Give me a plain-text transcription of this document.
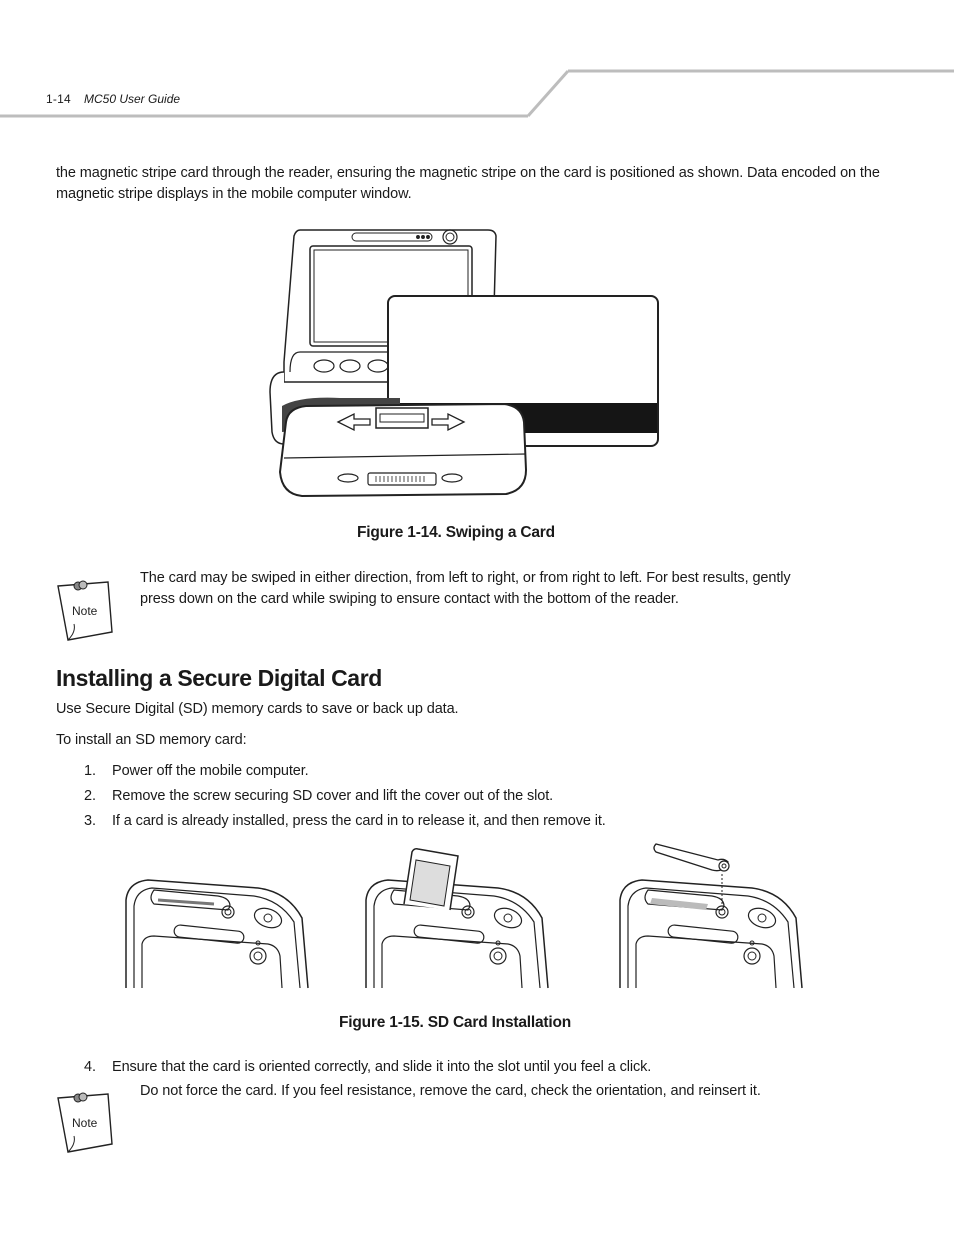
1-14 MC50 User Guide
the magnetic stripe card through the reader, ensuring the magnetic stripe on the card is positioned as shown. Data encoded on the magnetic stripe displays in the mobile computer window.
Figure 1-14. Swiping a Card
Note
The card may be swiped in either direction, from left to right, or from right to left. For best results, gently press down on the card while swiping to ensure contact with the bottom of the reader.
Installing a Secure Digital Card
Use Secure Digital (SD) memory cards to save or back up data.
To install an SD memory card:
1. Power off the mobile computer.
2. Remove the screw securing SD cover and lift the cover out of the slot.
3. If a card is already installed, press the card in to release it, and then remove it.
Figure 1-15. SD Card Installation
4. Ensure that the card is oriented correctly, and slide it into the slot until you feel a click.
Note
Do not force the card. If you feel resistance, remove the card, check the orientation, and reinsert it.
